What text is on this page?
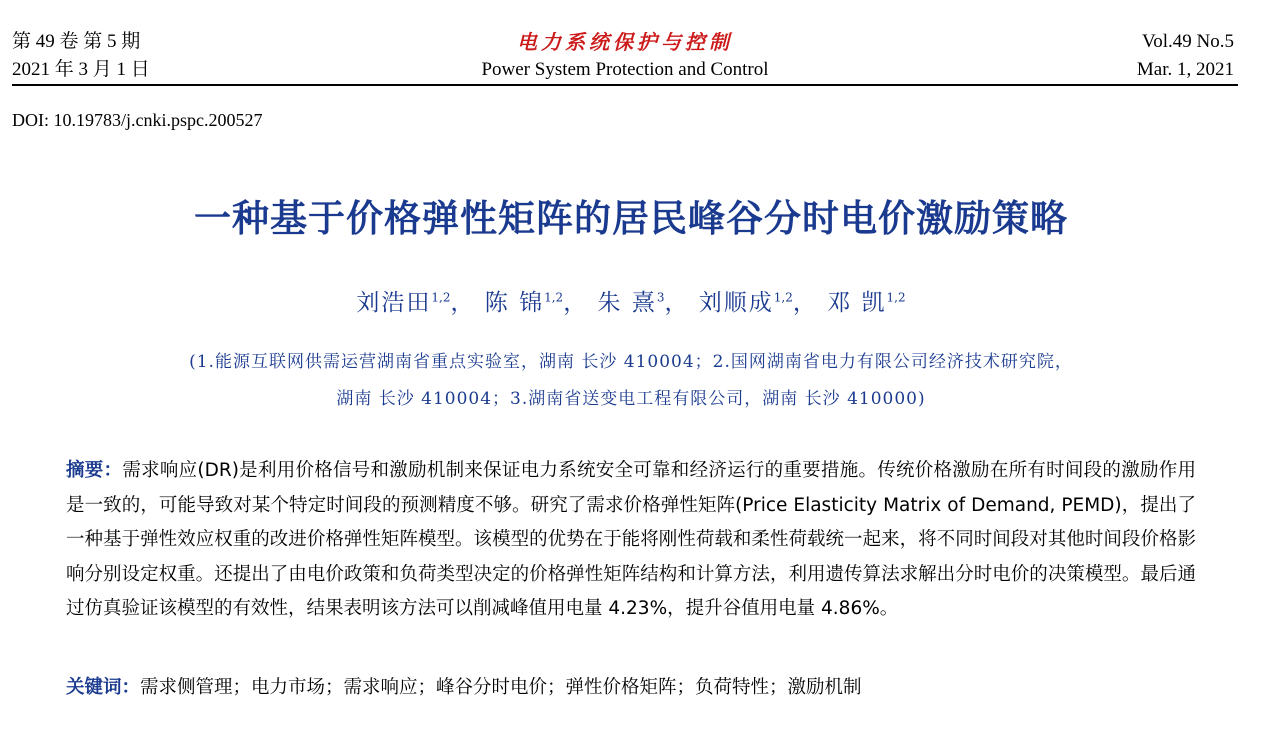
第 49 卷 第 5 期
2021 年 3 月 1 日
电力系统保护与控制
Power System Protection and Control
Vol.49 No.5
Mar. 1, 2021
DOI: 10.19783/j.cnki.pspc.200527
一种基于价格弹性矩阵的居民峰谷分时电价激励策略
刘浩田$^{1,2}$， 陈 锦$^{1,2}$， 朱 熹$^3$， 刘顺成$^{1,2}$， 邓 凯$^{1,2}$
(1.能源互联网供需运营湖南省重点实验室，湖南 长沙 410004；2.国网湖南省电力有限公司经济技术研究院，
湖南 长沙 410004；3.湖南省送变电工程有限公司，湖南 长沙 410000)
摘要：需求响应(DR)是利用价格信号和激励机制来保证电力系统安全可靠和经济运行的重要措施。传统价格激励在所有时间段的激励作用是一致的，可能导致对某个特定时间段的预测精度不够。研究了需求价格弹性矩阵(Price Elasticity Matrix of Demand, PEMD)，提出了一种基于弹性效应权重的改进价格弹性矩阵模型。该模型的优势在于能将刚性荷载和柔性荷载统一起来，将不同时间段对其他时间段价格影响分别设定权重。还提出了由电价政策和负荷类型决定的价格弹性矩阵结构和计算方法，利用遗传算法求解出分时电价的决策模型。最后通过仿真验证该模型的有效性，结果表明该方法可以削减峰值用电量 4.23%，提升谷值用电量 4.86%。
关键词：需求侧管理；电力市场；需求响应；峰谷分时电价；弹性价格矩阵；负荷特性；激励机制
